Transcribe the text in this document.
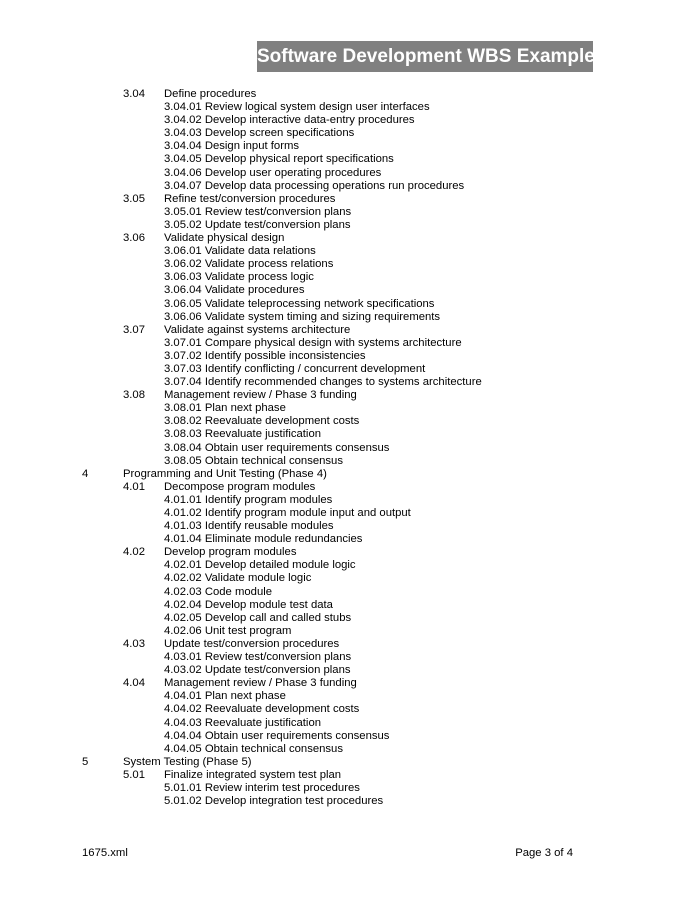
Software Development WBS Example
3.04 Define procedures
3.04.01 Review logical system design user interfaces
3.04.02 Develop interactive data-entry procedures
3.04.03 Develop screen specifications
3.04.04 Design input forms
3.04.05 Develop physical report specifications
3.04.06 Develop user operating procedures
3.04.07 Develop data processing operations run procedures
3.05 Refine test/conversion procedures
3.05.01 Review test/conversion plans
3.05.02 Update test/conversion plans
3.06 Validate physical design
3.06.01 Validate data relations
3.06.02 Validate process relations
3.06.03 Validate process logic
3.06.04 Validate procedures
3.06.05 Validate teleprocessing network specifications
3.06.06 Validate system timing and sizing requirements
3.07 Validate against systems architecture
3.07.01 Compare physical design with systems architecture
3.07.02 Identify possible inconsistencies
3.07.03 Identify conflicting / concurrent development
3.07.04 Identify recommended changes to systems architecture
3.08 Management review / Phase 3 funding
3.08.01 Plan next phase
3.08.02 Reevaluate development costs
3.08.03 Reevaluate justification
3.08.04 Obtain user requirements consensus
3.08.05 Obtain technical consensus
4	Programming and Unit Testing (Phase 4)
4.01 Decompose program modules
4.01.01 Identify program modules
4.01.02 Identify program module input and output
4.01.03 Identify reusable modules
4.01.04 Eliminate module redundancies
4.02 Develop program modules
4.02.01 Develop detailed module logic
4.02.02 Validate module logic
4.02.03 Code module
4.02.04 Develop module test data
4.02.05 Develop call and called stubs
4.02.06 Unit test program
4.03 Update test/conversion procedures
4.03.01 Review test/conversion plans
4.03.02 Update test/conversion plans
4.04 Management review / Phase 3 funding
4.04.01 Plan next phase
4.04.02 Reevaluate development costs
4.04.03 Reevaluate justification
4.04.04 Obtain user requirements consensus
4.04.05 Obtain technical consensus
5	System Testing (Phase 5)
5.01 Finalize integrated system test plan
5.01.01 Review interim test procedures
5.01.02 Develop integration test procedures
1675.xml	Page 3 of 4
